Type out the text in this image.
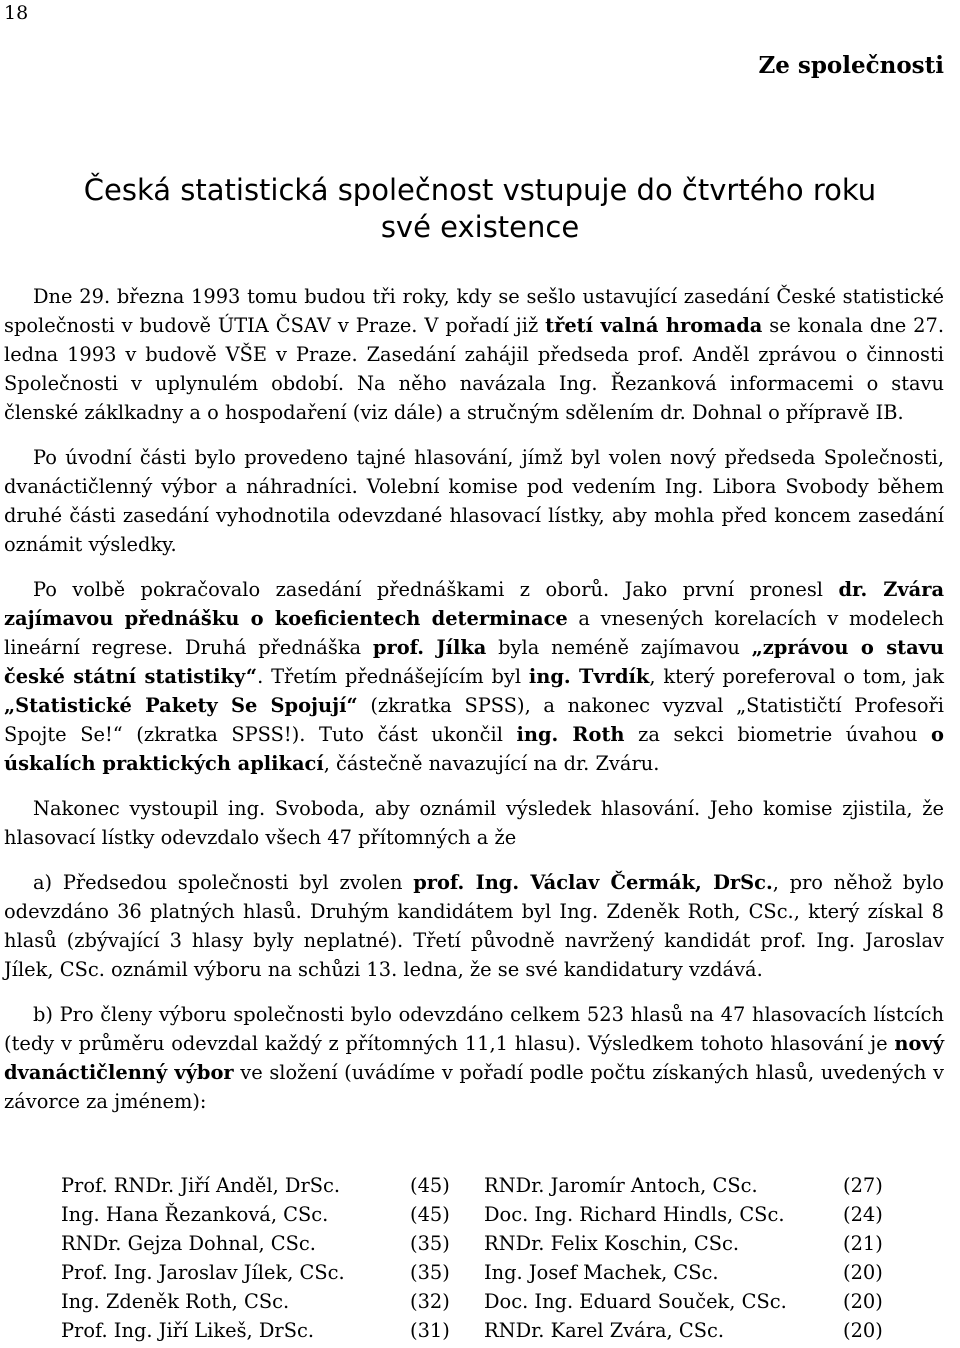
18
Ze společnosti
Česká statistická společnost vstupuje do čtvrtého roku
své existence

Dne 29. března 1993 tomu budou tři roky, kdy se sešlo ustavující zasedání České statistické společnosti v budově ÚTIA ČSAV v Praze. V pořadí již třetí valná hromada se konala dne 27. ledna 1993 v budově VŠE v Praze. Zasedání zahájil předseda prof. Anděl zprávou o činnosti Společnosti v uplynulém období. Na něho navázala Ing. Řezanková informacemi o stavu členské záklkadny a o hospodaření (viz dále) a stručným sdělením dr. Dohnal o přípravě IB.

Po úvodní části bylo provedeno tajné hlasování, jímž byl volen nový předseda Společnosti, dvanáctičlenný výbor a náhradníci. Volební komise pod vedením Ing. Libora Svobody během druhé části zasedání vyhodnotila odevzdané hlasovací lístky, aby mohla před koncem zasedání oznámit výsledky.

Po volbě pokračovalo zasedání přednáškami z oborů. Jako první pronesl dr. Zvára zajímavou přednášku o koeficientech determinace a vnesených korelacích v modelech lineární regrese. Druhá přednáška prof. Jílka byla neméně zajímavou „zprávou o stavu české státní statistiky“. Třetím přednášejícím byl ing. Tvrdík, který poreferoval o tom, jak „Statistické Pakety Se Spojují“ (zkratka SPSS), a nakonec vyzval „Statističtí Profesoři Spojte Se!“ (zkratka SPSS!). Tuto část ukončil ing. Roth za sekci biometrie úvahou o úskalích praktických aplikací, částečně navazující na dr. Zváru.

Nakonec vystoupil ing. Svoboda, aby oznámil výsledek hlasování. Jeho komise zjistila, že hlasovací lístky odevzdalo všech 47 přítomných a že

a) Předsedou společnosti byl zvolen prof. Ing. Václav Čermák, DrSc., pro něhož bylo odevzdáno 36 platných hlasů. Druhým kandidátem byl Ing. Zdeněk Roth, CSc., který získal 8 hlasů (zbývající 3 hlasy byly neplatné). Třetí původně navržený kandidát prof. Ing. Jaroslav Jílek, CSc. oznámil výboru na schůzi 13. ledna, že se své kandidatury vzdává.

b) Pro členy výboru společnosti bylo odevzdáno celkem 523 hlasů na 47 hlasovacích lístcích (tedy v průměru odevzdal každý z přítomných 11,1 hlasu). Výsledkem tohoto hlasování je nový dvanáctičlenný výbor ve složení (uvádíme v pořadí podle počtu získaných hlasů, uvedených v závorce za jménem):

Prof. RNDr. Jiří Anděl, DrSc.	(45) RNDr. Jaromír Antoch, CSc.	(27)
Ing. Hana Řezanková, CSc.	(45) Doc. Ing. Richard Hindls, CSc.	(24)
RNDr. Gejza Dohnal, CSc.	(35) RNDr. Felix Koschin, CSc.	(21)
Prof. Ing. Jaroslav Jílek, CSc.	(35) Ing. Josef Machek, CSc.	(20)
Ing. Zdeněk Roth, CSc.	(32) Doc. Ing. Eduard Souček, CSc.	(20)
Prof. Ing. Jiří Likeš, DrSc.	(31) RNDr. Karel Zvára, CSc.	(20)
